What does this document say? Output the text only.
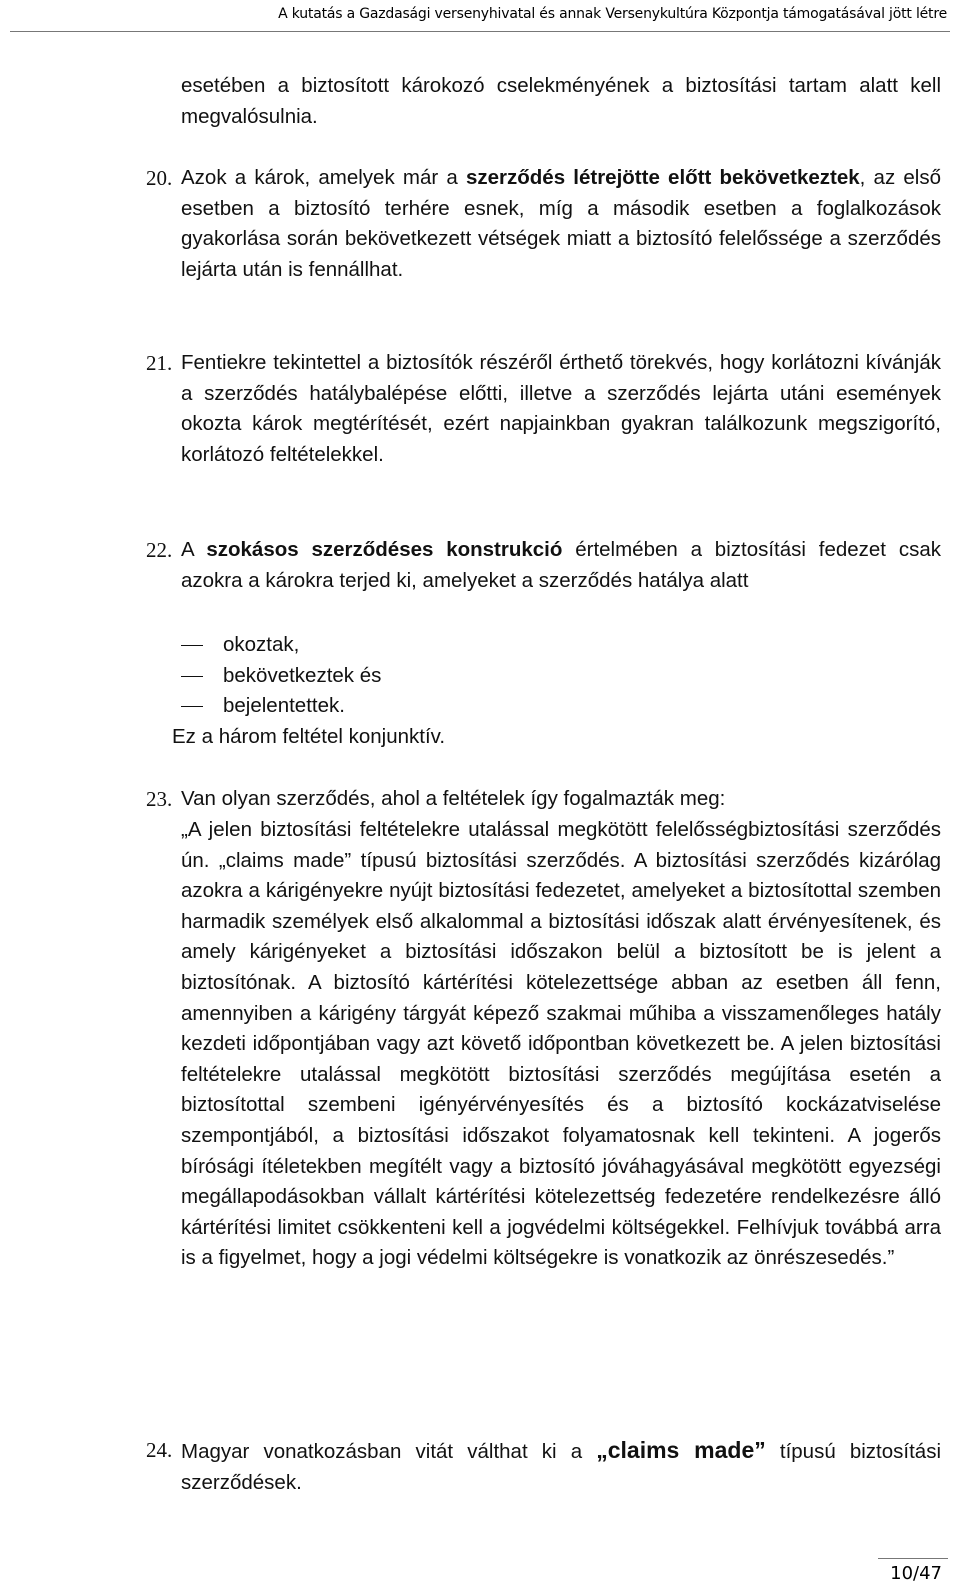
A kutatás a Gazdasági versenyhivatal és annak Versenykultúra Központja támogatásával jött létre
esetében a biztosított károkozó cselekményének a biztosítási tartam alatt kell megvalósulnia.
20. Azok a károk, amelyek már a szerződés létrejötte előtt bekövetkeztek, az első esetben a biztosító terhére esnek, míg a második esetben a foglalkozások gyakorlása során bekövetkezett vétségek miatt a biztosító felelőssége a szerződés lejárta után is fennállhat.
21. Fentiekre tekintettel a biztosítók részéről érthető törekvés, hogy korlátozni kívánják a szerződés hatálybalépése előtti, illetve a szerződés lejárta utáni események okozta károk megtérítését, ezért napjainkban gyakran találkozunk megszigorító, korlátozó feltételekkel.
22. A szokásos szerződéses konstrukció értelmében a biztosítási fedezet csak azokra a károkra terjed ki, amelyeket a szerződés hatálya alatt
okoztak,
bekövetkeztek és
bejelentettek.
Ez a három feltétel konjunktív.
23. Van olyan szerződés, ahol a feltételek így fogalmazták meg:
„A jelen biztosítási feltételekre utalással megkötött felelősségbiztosítási szerződés ún. „claims made” típusú biztosítási szerződés. A biztosítási szerződés kizárólag azokra a kárigényekre nyújt biztosítási fedezetet, amelyeket a biztosítottal szemben harmadik személyek első alkalommal a biztosítási időszak alatt érvényesítenek, és amely kárigényeket a biztosítási időszakon belül a biztosított be is jelent a biztosítónak. A biztosító kártérítési kötelezettsége abban az esetben áll fenn, amennyiben a kárigény tárgyát képező szakmai műhiba a visszamenőleges hatály kezdeti időpontjában vagy azt követő időpontban következett be. A jelen biztosítási feltételekre utalással megkötött biztosítási szerződés megújítása esetén a biztosítottal szembeni igényérvényesítés és a biztosító kockázatviselése szempontjából, a biztosítási időszakot folyamatosnak kell tekinteni. A jogerős bírósági ítéletekben megítélt vagy a biztosító jóváhagyásával megkötött egyezségi megállapodásokban vállalt kártérítési kötelezettség fedezetére rendelkezésre álló kártérítési limitet csökkenteni kell a jogvédelmi költségekkel. Felhívjuk továbbá arra is a figyelmet, hogy a jogi védelmi költségekre is vonatkozik az önrészesedés.”
24. Magyar vonatkozásban vitát válthat ki a „claims made” típusú biztosítási szerződések.
10/47
